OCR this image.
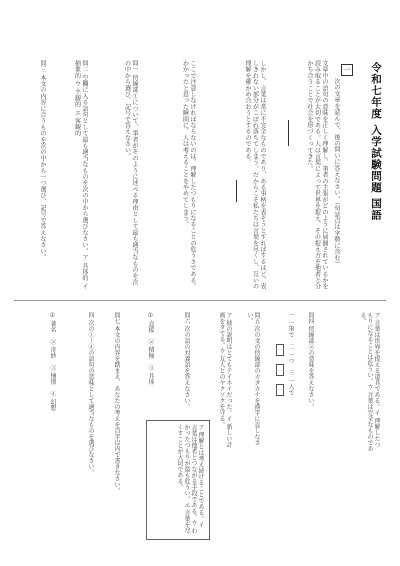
令和七年度 入学試験問題 国語
一
次の文章を読んで、後の問いに答えなさい。（句読点は字数に含む）
文章中の語句の意味を正しく理解し、筆者の主張がどのように展開されているかを読み取ることが大切である。人は言葉によって世界を捉え、その捉え方を他者と分かち合うことで社会を形づくってきた。
しかし、言葉は常に不完全なものであり、ある事柄を表そうとすればするほど、表しきれない部分がこぼれ落ちてしまう。だからこそ私たちは言葉を尽くし、互いの理解を確かめ合おうとするのである。
ここで注意しなければならないのは、理解したつもりになることの危うさである。わかったと思った瞬間に、人は考えることをやめてしまう。
問一 傍線部①について、筆者がそのように述べる理由として最も適当なものを次の中から選び、記号で答えなさい。
問二 空欄に入る語句として最も適当なものを次の中から選びなさい。ア 具体的 イ 抽象的 ウ 主観的 エ 客観的
問三 本文の内容に合うものを次の中から一つ選び、記号で答えなさい。
ア 言葉は世界を捉える道具である。イ 理解したつもりになることは危うい。ウ 言葉は完全なものである。
問四 傍線部②の意味を答えなさい。
一 一筆で　二 一つ　三 一人で
問五 次の文の傍線部のカタカナを漢字に直しなさい。
ア 彼の説明はとてもテイネイだった。イ 新しい計画をタてる。ウ 友人とのヤクソクを守る。
ア 理解とは考え続けることである。イ 言葉は他者とつながる手段である。ウ わかったつもりが最も危うい。エ 言葉を尽くすことが大切である。
問六 次の語の対義語を答えなさい。
① 直接　② 積極　③ 具体
問七 本文の内容を踏まえ、あなたの考えを百字以内で書きなさい。
四 次の①〜④の語句の意味として適当なものを選びなさい。
① 著名　② 奇妙　③ 憧憬　④ 幻想
